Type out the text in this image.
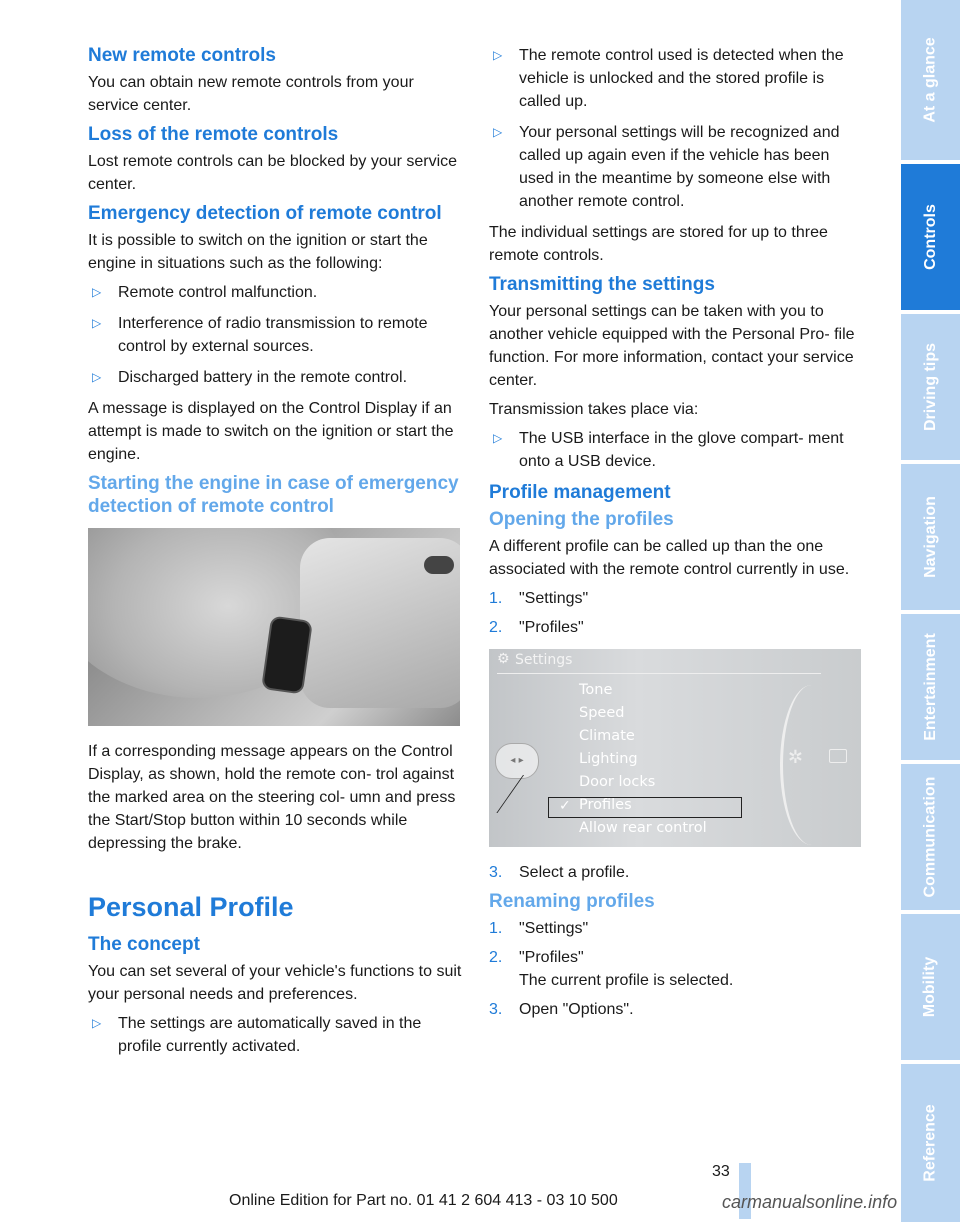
New remote controls

You can obtain new remote controls from your service center.

Loss of the remote controls

Lost remote controls can be blocked by your service center.

Emergency detection of remote control

It is possible to switch on the ignition or start the engine in situations such as the following:

▷ Remote control malfunction.
▷ Interference of radio transmission to remote control by external sources.
▷ Discharged battery in the remote control.

A message is displayed on the Control Display if an attempt is made to switch on the ignition or start the engine.

Starting the engine in case of emergency detection of remote control

If a corresponding message appears on the Control Display, as shown, hold the remote con- trol against the marked area on the steering col- umn and press the Start/Stop button within 10 seconds while depressing the brake.

Personal Profile
The concept

You can set several of your vehicle's functions to suit your personal needs and preferences.

▷ The settings are automatically saved in the profile currently activated.
▷ The remote control used is detected when the vehicle is unlocked and the stored profile is called up.
▷ Your personal settings will be recognized and called up again even if the vehicle has been used in the meantime by someone else with another remote control.

The individual settings are stored for up to three remote controls.

Transmitting the settings

Your personal settings can be taken with you to another vehicle equipped with the Personal Pro- file function. For more information, contact your service center.

Transmission takes place via:

▷ The USB interface in the glove compart- ment onto a USB device.
Profile management
Opening the profiles

A different profile can be called up than the one associated with the remote control currently in use.

1. "Settings"
2. "Profiles"
⚙ Settings
◂ ▸
Tone
Speed
Climate
Lighting
Door locks
Profiles
Allow rear control
✓
✲
3. Select a profile.
Renaming profiles
1. "Settings"
2. "Profiles"
The current profile is selected.
3. Open "Options".
At a glance
Controls
Driving tips
Navigation
Entertainment
Communication
Mobility
Reference
33
Online Edition for Part no. 01 41 2 604 413 - 03 10 500	carmanualsonline.info
